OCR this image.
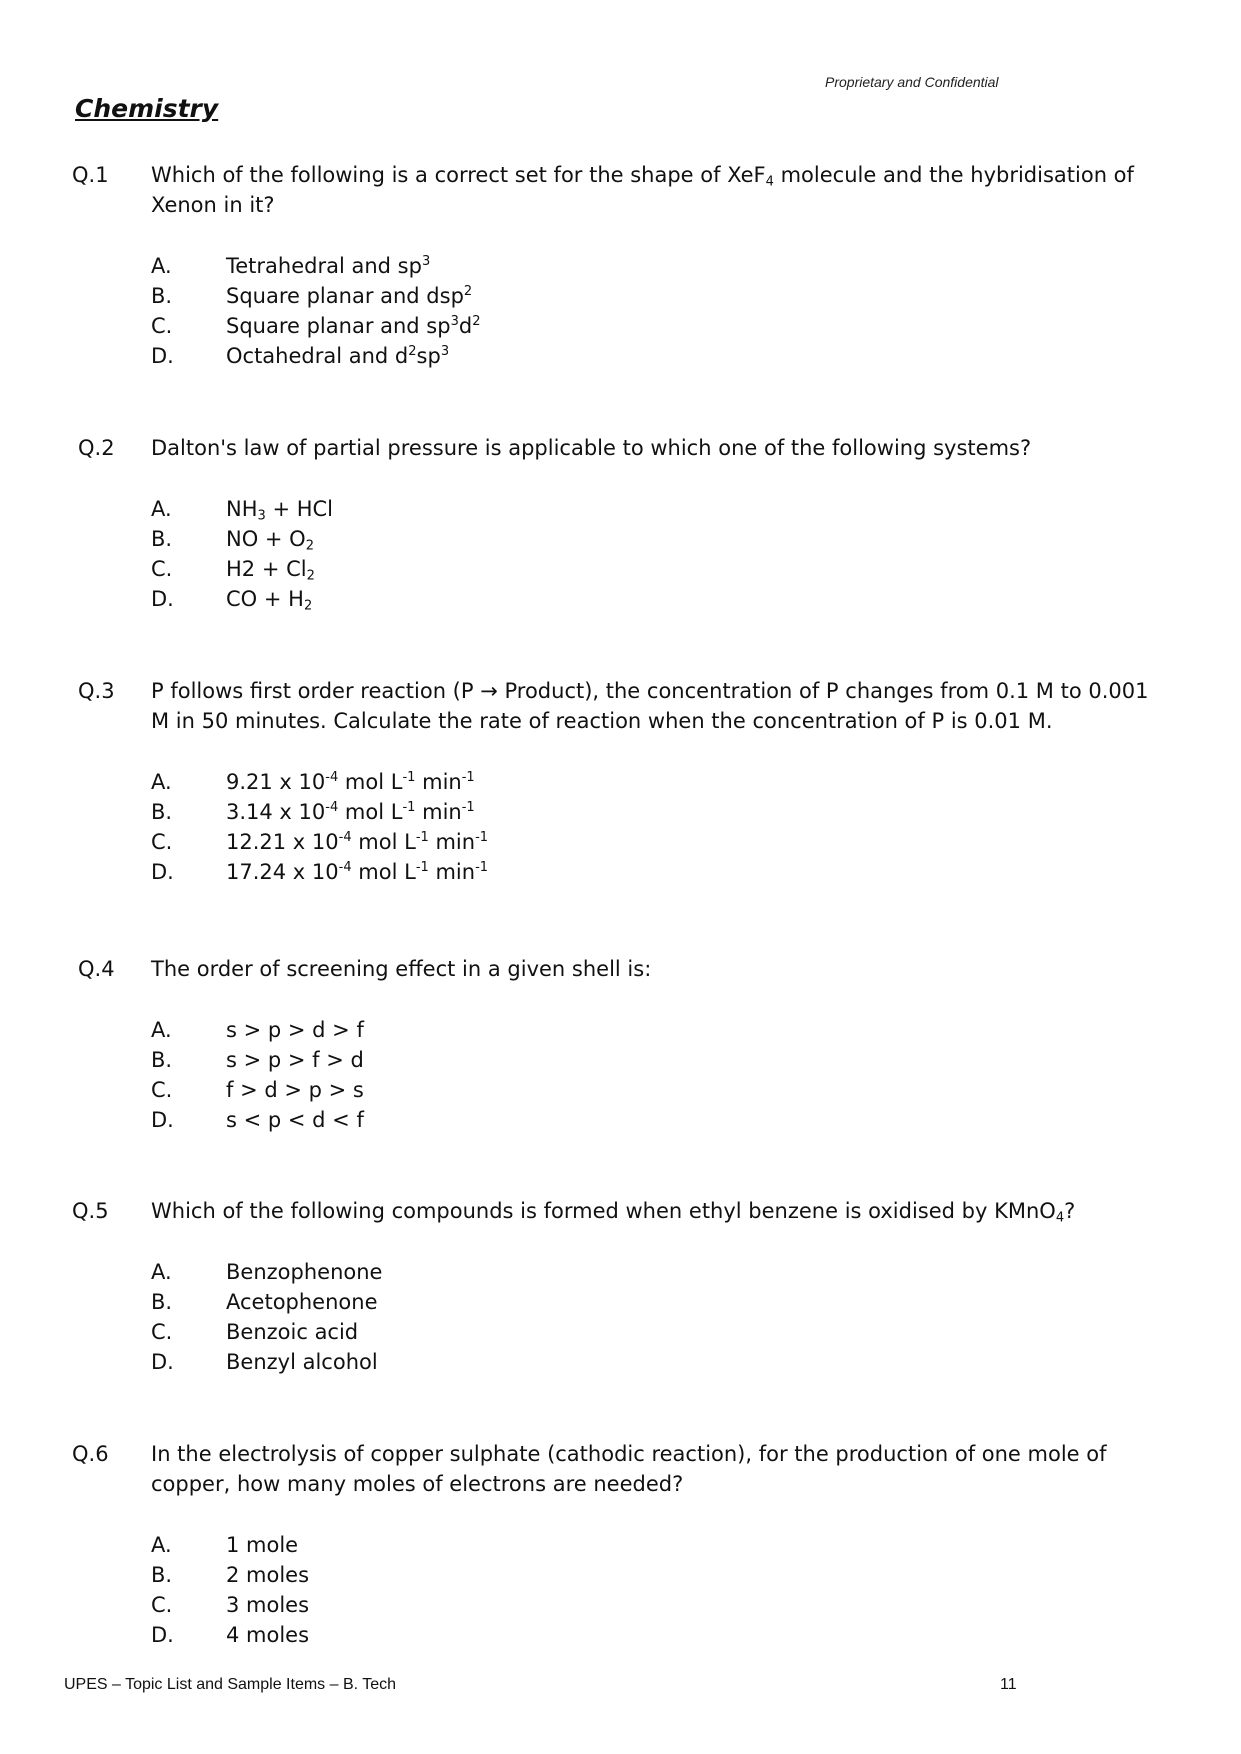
Proprietary and Confidential
Chemistry
Q.1 Which of the following is a correct set for the shape of XeF$_4$ molecule and the hybridisation of Xenon in it?

A.	Tetrahedral and $sp^3$
B.	Square planar and dsp$^2$
C.	Square planar and $sp^3d^2$
D. Octahedral and $d^2sp^3$
Q.2 Dalton's law of partial pressure is applicable to which one of the following systems?

A.	$NH_3$ + HCl
B.	NO + $O_2$
C.	$H2 + Cl_2$
D. CO + $H_2$
Q.3 P follows first order reaction (P → Product), the concentration of P changes from 0.1 M to 0.001 M in 50 minutes. Calculate the rate of reaction when the concentration of P is 0.01 M.

A.	9.21 x $10^{-4}$ mol $L^{-1}$ $\min^{-1}$
B.	3.14 x $10^{-4}$ mol $L^{-1}$ $\min^{-1}$
C.	12.21 x $10^{-4}$ mol $L^{-1}$ $\min^{-1}$
D. 17.24 x $10^{-4}$ mol $L^{-1}$ $\min^{-1}$
Q.4 The order of screening effect in a given shell is:

A.	s > p > d > f
B.	s > p > f > d
C.	f > d > p > s
D. s < p < d < f
Q.5 Which of the following compounds is formed when ethyl benzene is oxidised by KMnO$_4$?

A.	Benzophenone
B.	Acetophenone
C.	Benzoic acid
D. Benzyl alcohol
Q.6 In the electrolysis of copper sulphate (cathodic reaction), for the production of one mole of copper, how many moles of electrons are needed?

A.	1 mole
B.	2 moles
C.	3 moles
D. 4 moles
UPES – Topic List and Sample Items – B. Tech	11
